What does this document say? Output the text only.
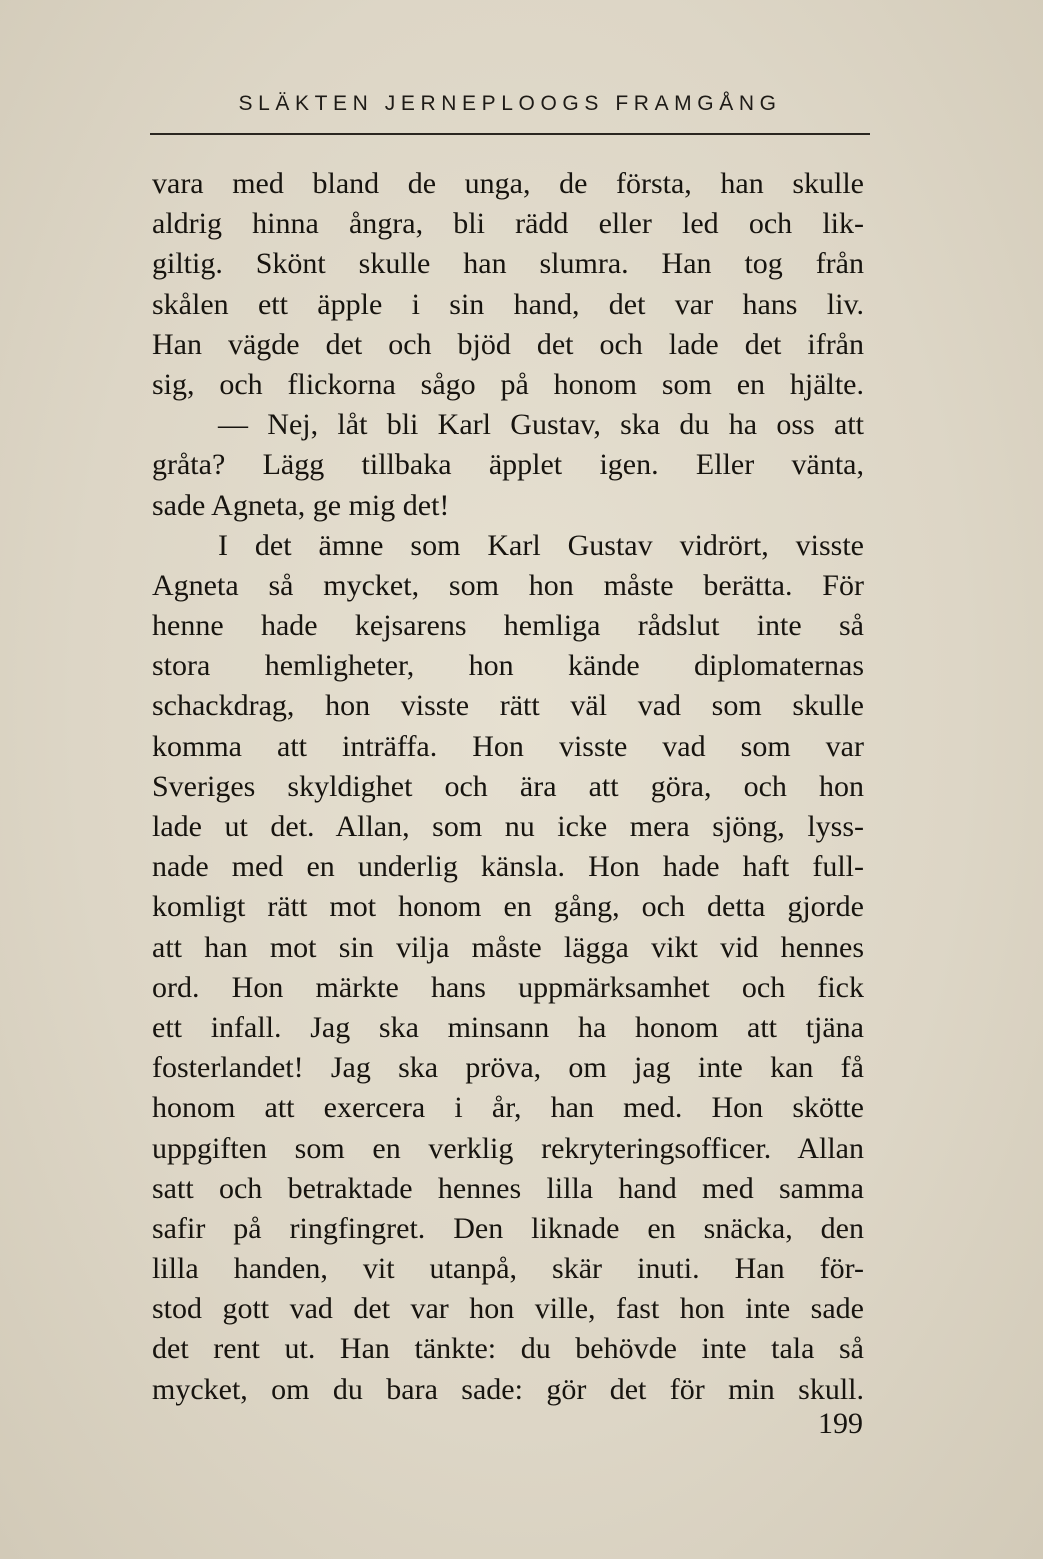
SLÄKTEN JERNEPLOOGS FRAMGÅNG
vara med bland de unga, de första, han skulle
aldrig hinna ångra, bli rädd eller led och lik-
giltig. Skönt skulle han slumra. Han tog från
skålen ett äpple i sin hand, det var hans liv.
Han vägde det och bjöd det och lade det ifrån
sig, och flickorna sågo på honom som en hjälte.
— Nej, låt bli Karl Gustav, ska du ha oss att
gråta? Lägg tillbaka äpplet igen. Eller vänta,
sade Agneta, ge mig det!
I det ämne som Karl Gustav vidrört, visste
Agneta så mycket, som hon måste berätta. För
henne hade kejsarens hemliga rådslut inte så
stora hemligheter, hon kände diplomaternas
schackdrag, hon visste rätt väl vad som skulle
komma att inträffa. Hon visste vad som var
Sveriges skyldighet och ära att göra, och hon
lade ut det. Allan, som nu icke mera sjöng, lyss-
nade med en underlig känsla. Hon hade haft full-
komligt rätt mot honom en gång, och detta gjorde
att han mot sin vilja måste lägga vikt vid hennes
ord. Hon märkte hans uppmärksamhet och fick
ett infall. Jag ska minsann ha honom att tjäna
fosterlandet! Jag ska pröva, om jag inte kan få
honom att exercera i år, han med. Hon skötte
uppgiften som en verklig rekryteringsofficer. Allan
satt och betraktade hennes lilla hand med samma
safir på ringfingret. Den liknade en snäcka, den
lilla handen, vit utanpå, skär inuti. Han för-
stod gott vad det var hon ville, fast hon inte sade
det rent ut. Han tänkte: du behövde inte tala så
mycket, om du bara sade: gör det för min skull.
199
